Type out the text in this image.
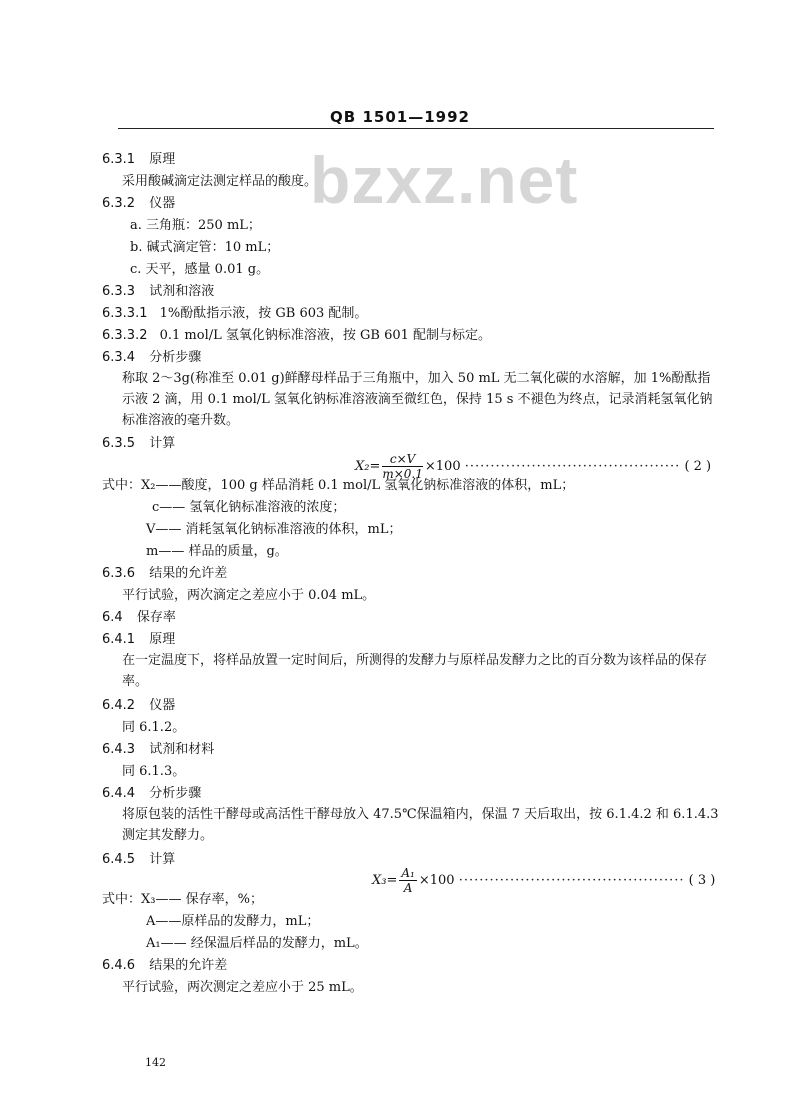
QB 1501—1992
bzxz.net
6.3.1 原理
采用酸碱滴定法测定样品的酸度。
6.3.2 仪器
a. 三角瓶：250 mL；
b. 碱式滴定管：10 mL；
c. 天平，感量 0.01 g。
6.3.3 试剂和溶液
6.3.3.1 1%酚酞指示液，按 GB 603 配制。
6.3.3.2 0.1 mol/L 氢氧化钠标准溶液，按 GB 601 配制与标定。
6.3.4 分析步骤
称取 2～3g(称准至 0.01 g)鲜酵母样品于三角瓶中，加入 50 mL 无二氧化碳的水溶解，加 1%酚酞指示液 2 滴，用 0.1 mol/L 氢氧化钠标准溶液滴至微红色，保持 15 s 不褪色为终点，记录消耗氢氧化钠标准溶液的毫升数。
6.3.5 计算
$X_2= \frac{c\times V}{m\times 0.1} \times 100$ ·········································· ( 2 )
式中：X₂——酸度，100 g 样品消耗 0.1 mol/L 氢氧化钠标准溶液的体积，mL；
c—— 氢氧化钠标准溶液的浓度；
V—— 消耗氢氧化钠标准溶液的体积，mL；
m—— 样品的质量，g。
6.3.6 结果的允许差
平行试验，两次滴定之差应小于 0.04 mL。
6.4 保存率
6.4.1 原理
在一定温度下，将样品放置一定时间后，所测得的发酵力与原样品发酵力之比的百分数为该样品的保存率。
6.4.2 仪器
同 6.1.2。
6.4.3 试剂和材料
同 6.1.3。
6.4.4 分析步骤
将原包装的活性干酵母或高活性干酵母放入 47.5℃保温箱内，保温 7 天后取出，按 6.1.4.2 和 6.1.4.3测定其发酵力。
6.4.5 计算
$X_3= \frac{\text{A₁}}{A} \times 100$ ············································ ( 3 )
式中：X₃—— 保存率，%；
A——原样品的发酵力，mL；
A₁—— 经保温后样品的发酵力，mL。
6.4.6 结果的允许差
平行试验，两次测定之差应小于 25 mL。
142
